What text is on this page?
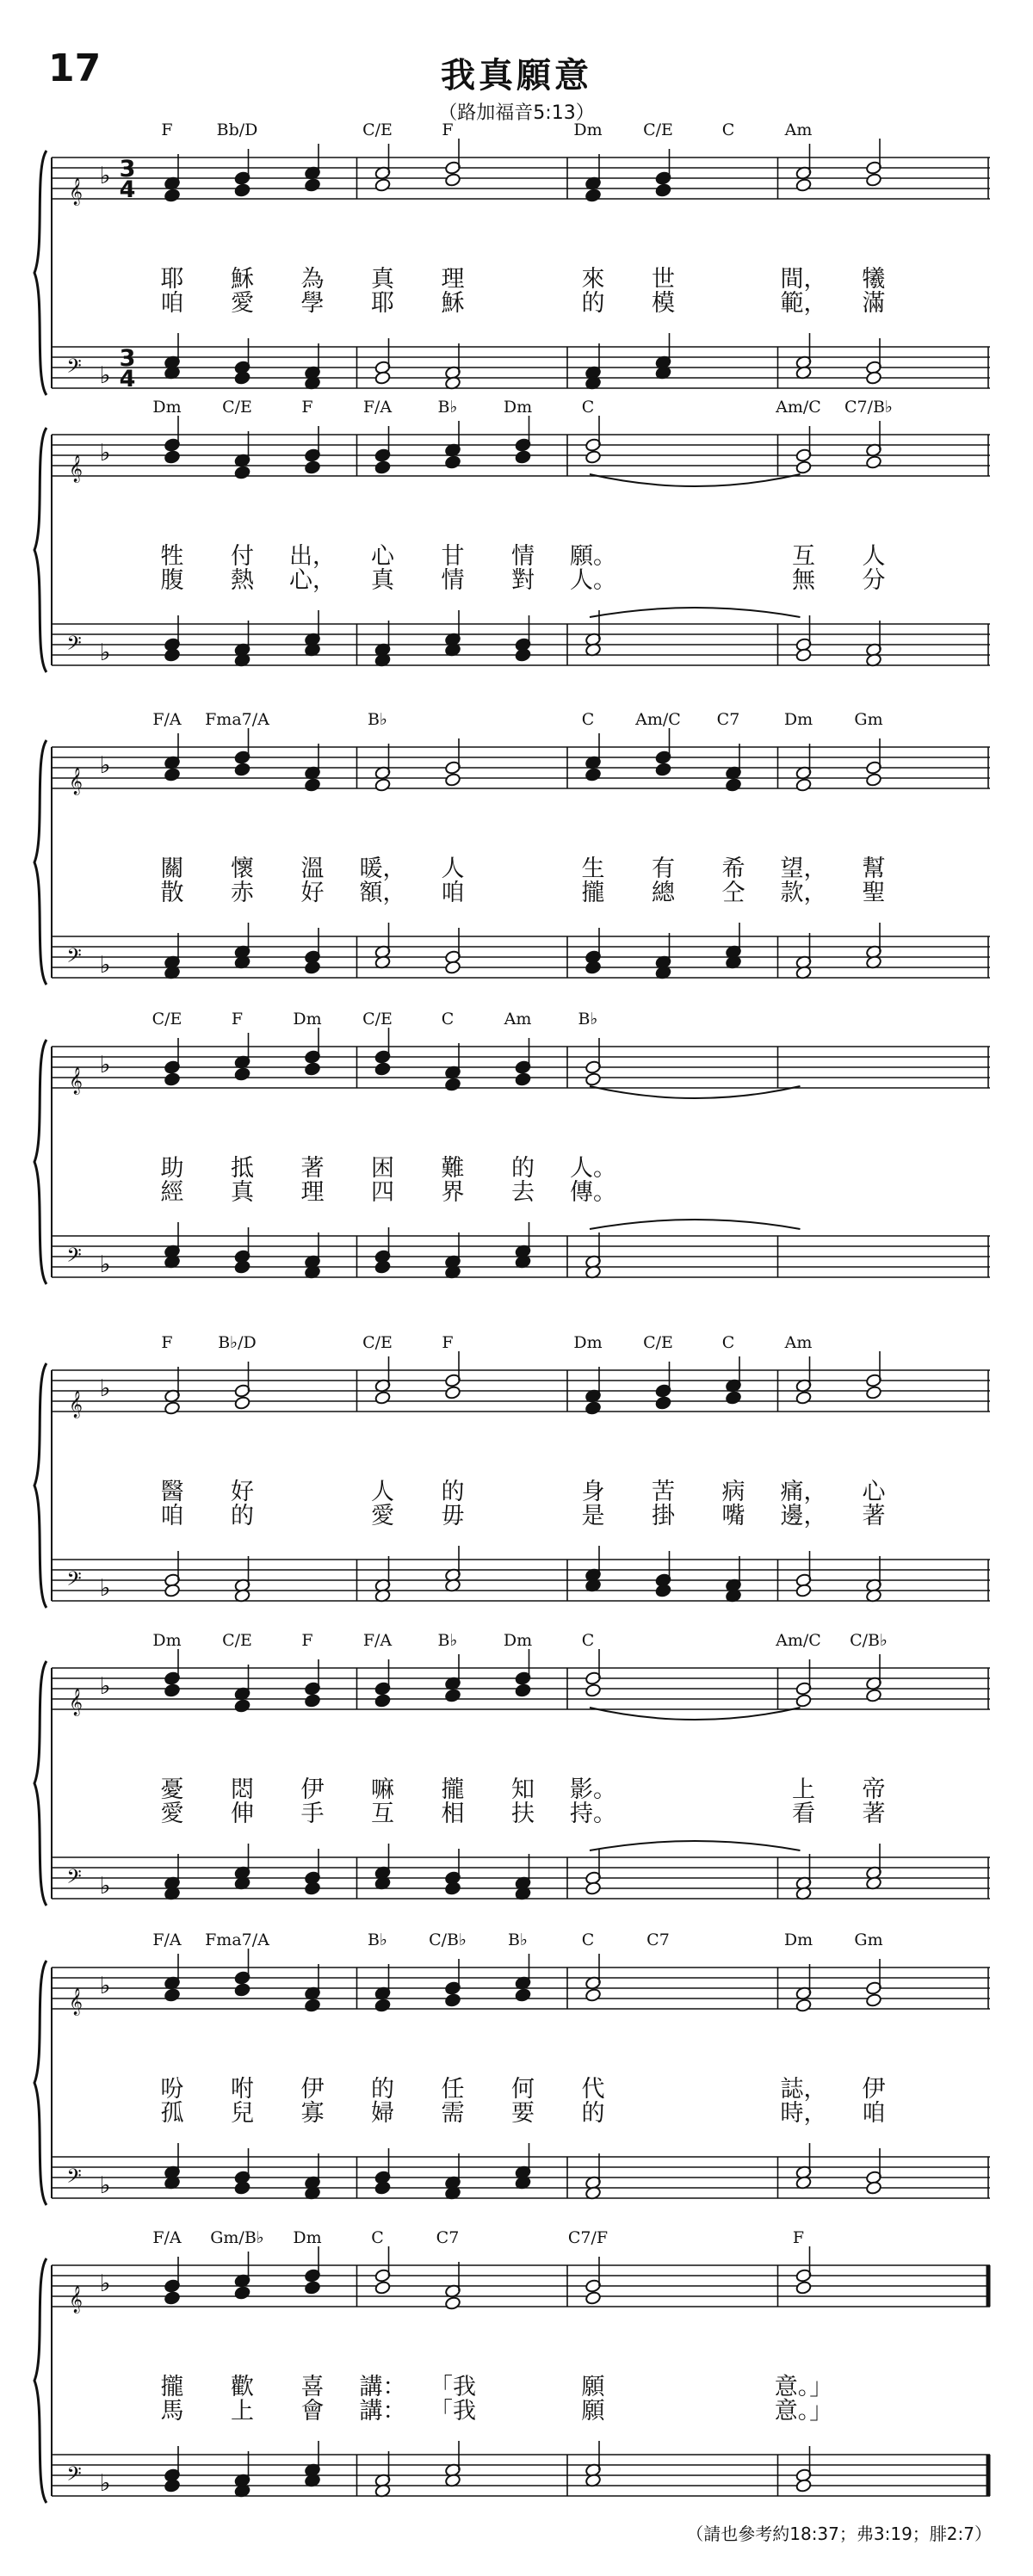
17	我真願意
（路加福音5:13）
𝄞
𝄢
♭
♭
3
4
3
4
F	Bb/D
耶 穌 為
咱 愛 學
C/E	F
真 理
耶 穌
Dm C/E	C
來 世
的 模
Am
間， 犧
範， 滿
𝄞
𝄢
♭
♭
Dm C/E	F
牲 付 出，
腹 熱 心，
F/A	B♭	Dm
心 甘 情
真 情 對
C
願。
人。
Am/C C7/B♭
互 人
無 分
𝄞
𝄢
♭
♭
F/A Fma7/A
關 懷 溫
散 赤 好
B♭
暖， 人
額， 咱
C	Am/C C7
生 有 希
攏 總 仝
Dm	Gm
望， 幫
款， 聖
𝄞
𝄢
♭
♭
C/E	F	Dm
助 抵 著
經 真 理
C/E	C	Am
困 難 的
四 界 去
B♭
人。
傳。
𝄞
𝄢
♭
♭
F	B♭/D
醫 好
咱 的
C/E	F
人 的
愛 毋
Dm C/E	C
身 苦 病
是 掛 嘴
Am
痛， 心
邊， 著
𝄞
𝄢
♭
♭
Dm C/E	F
憂 悶 伊
愛 伸 手
F/A	B♭	Dm
嘛 攏 知
互 相 扶
C
影。
持。
Am/C C/B♭
上 帝
看 著
𝄞
𝄢
♭
♭
F/A Fma7/A
吩 咐 伊
孤 兒 寡
B♭	C/B♭	B♭
的 任 何
婦 需 要
C	C7
代
的
Dm	Gm
誌， 伊
時， 咱
𝄞
𝄢
♭
♭
F/A Gm/B♭ Dm
攏 歡 喜
馬 上 會
C	C7
講： 「我
講： 「我
C7/F
願
願
F
意。」
意。」
（請也參考約18:37；弗3:19；腓2:7）
